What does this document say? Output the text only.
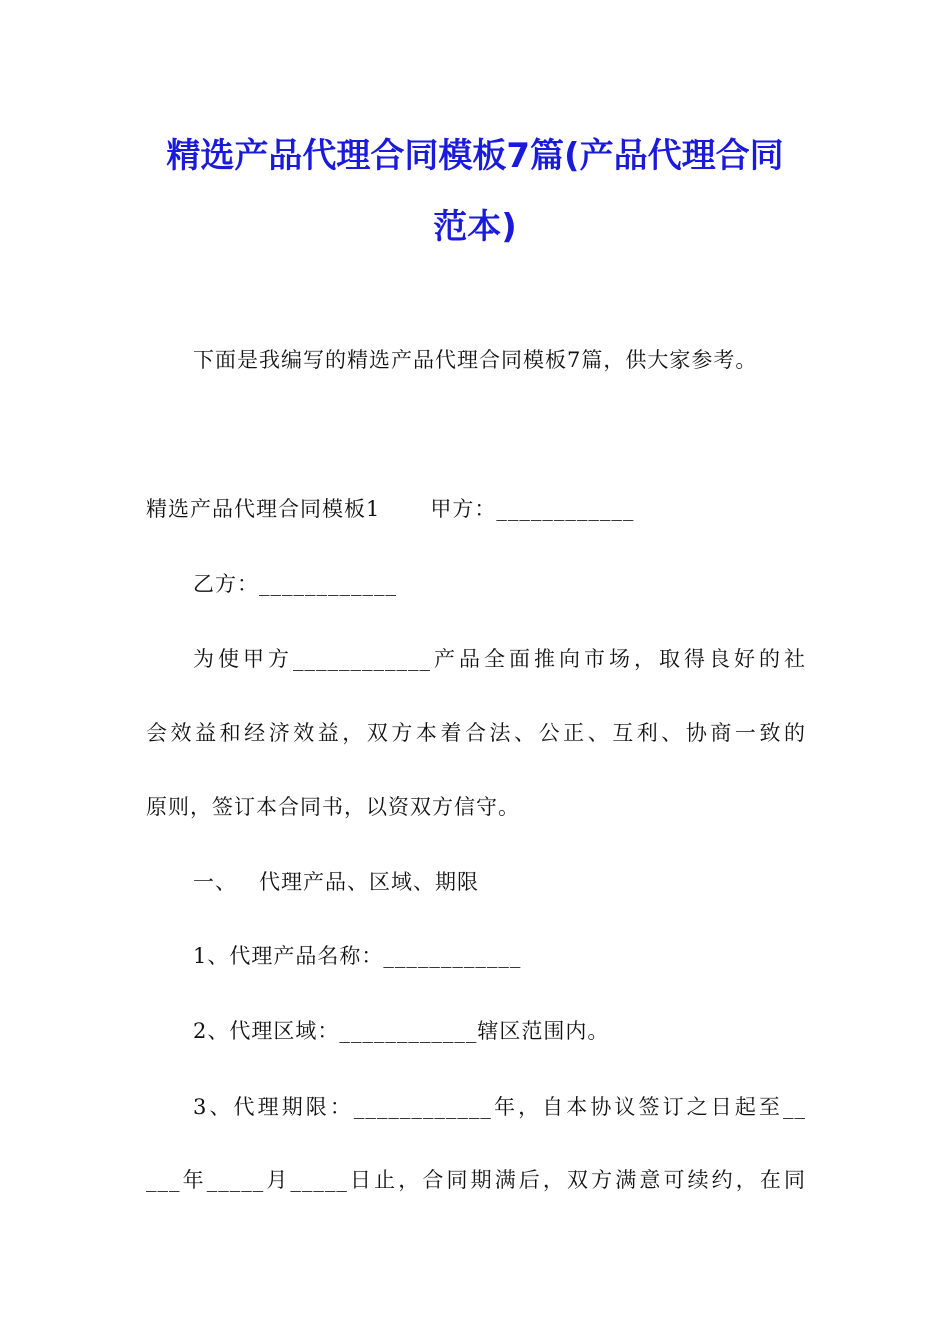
精选产品代理合同模板7篇(产品代理合同
范本)
下面是我编写的精选产品代理合同模板7篇，供大家参考。
精选产品代理合同模板1 甲方：____________
乙方：____________
为使甲方____________产品全面推向市场，取得良好的社
会效益和经济效益，双方本着合法、公正、互利、协商一致的
原则，签订本合同书，以资双方信守。
一、 代理产品、区域、期限
1、代理产品名称：____________
2、代理区域：____________辖区范围内。
3、代理期限：____________年，自本协议签订之日起至__
___年_____月_____日止，合同期满后，双方满意可续约，在同
